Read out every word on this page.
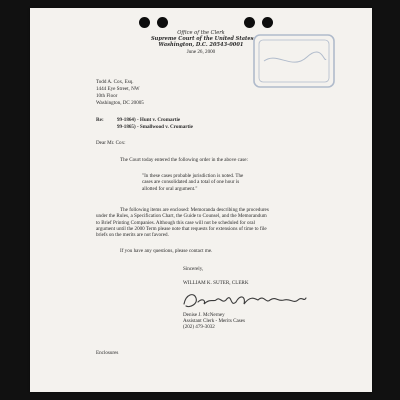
Office of the Clerk
Supreme Court of the United States
Washington, D.C. 20543-0001
June 26, 2000
Todd A. Cox, Esq.
1444 Eye Street, NW
10th Floor
Washington, DC 20005
Re:	99-1864) - Hunt v. Cromartie
99-1865) - Smallwood v. Cromartie
Dear Mr. Cox:
The Court today entered the following order in the above case:
"In these cases probable jurisdiction is noted. The
cases are consolidated and a total of one hour is
allotted for oral argument."
The following items are enclosed: Memoranda describing the procedures
under the Rules, a Specification Chart, the Guide to Counsel, and the Memorandum
to Brief Printing Companies. Although this case will not be scheduled for oral
argument until the 2000 Term please note that requests for extensions of time to file
briefs on the merits are not favored.
If you have any questions, please contact me.
Sincerely,
WILLIAM K. SUTER, CLERK
Denise J. McNerney
Assistant Clerk - Merits Cases
(202) 479-3032
Enclosures
